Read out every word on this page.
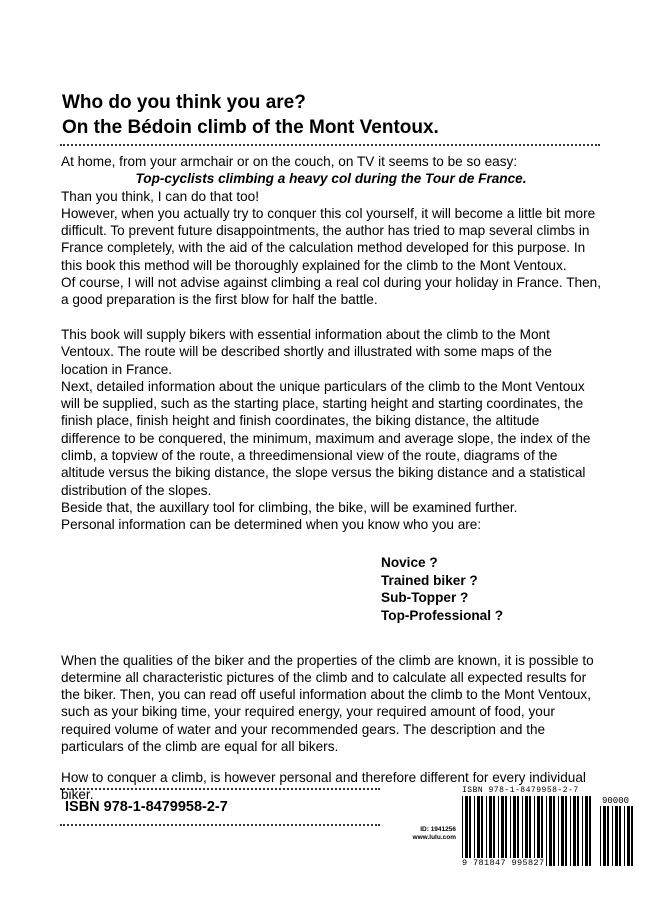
Who do you think you are?
On the Bédoin climb of the Mont Ventoux.

At home, from your armchair or on the couch, on TV it seems to be so easy:

Top-cyclists climbing a heavy col during the Tour de France.

Than you think, I can do that too!

However, when you actually try to conquer this col yourself, it will become a little bit more difficult. To prevent future disappointments, the author has tried to map several climbs in France completely, with the aid of the calculation method developed for this purpose. In this book this method will be thoroughly explained for the climb to the Mont Ventoux.

Of course, I will not advise against climbing a real col during your holiday in France. Then, a good preparation is the first blow for half the battle.

This book will supply bikers with essential information about the climb to the Mont Ventoux. The route will be described shortly and illustrated with some maps of the location in France.

Next, detailed information about the unique particulars of the climb to the Mont Ventoux will be supplied, such as the starting place, starting height and starting coordinates, the finish place, finish height and finish coordinates, the biking distance, the altitude difference to be conquered, the minimum, maximum and average slope, the index of the climb, a topview of the route, a threedimensional view of the route, diagrams of the altitude versus the biking distance, the slope versus the biking distance and a statistical distribution of the slopes.

Beside that, the auxillary tool for climbing, the bike, will be examined further.

Personal information can be determined when you know who you are:

Novice ?
Trained biker ?
Sub-Topper ?
Top-Professional ?

When the qualities of the biker and the properties of the climb are known, it is possible to determine all characteristic pictures of the climb and to calculate all expected results for the biker. Then, you can read off useful information about the climb to the Mont Ventoux, such as your biking time, your required energy, your required amount of food, your required volume of water and your recommended gears. The description and the particulars of the climb are equal for all bikers.

How to conquer a climb, is however personal and therefore different for every individual biker.

ISBN 978-1-8479958-2-7
ID: 1941256
www.lulu.com
ISBN 978-1-8479958-2-7
90000
9 781847 995827
